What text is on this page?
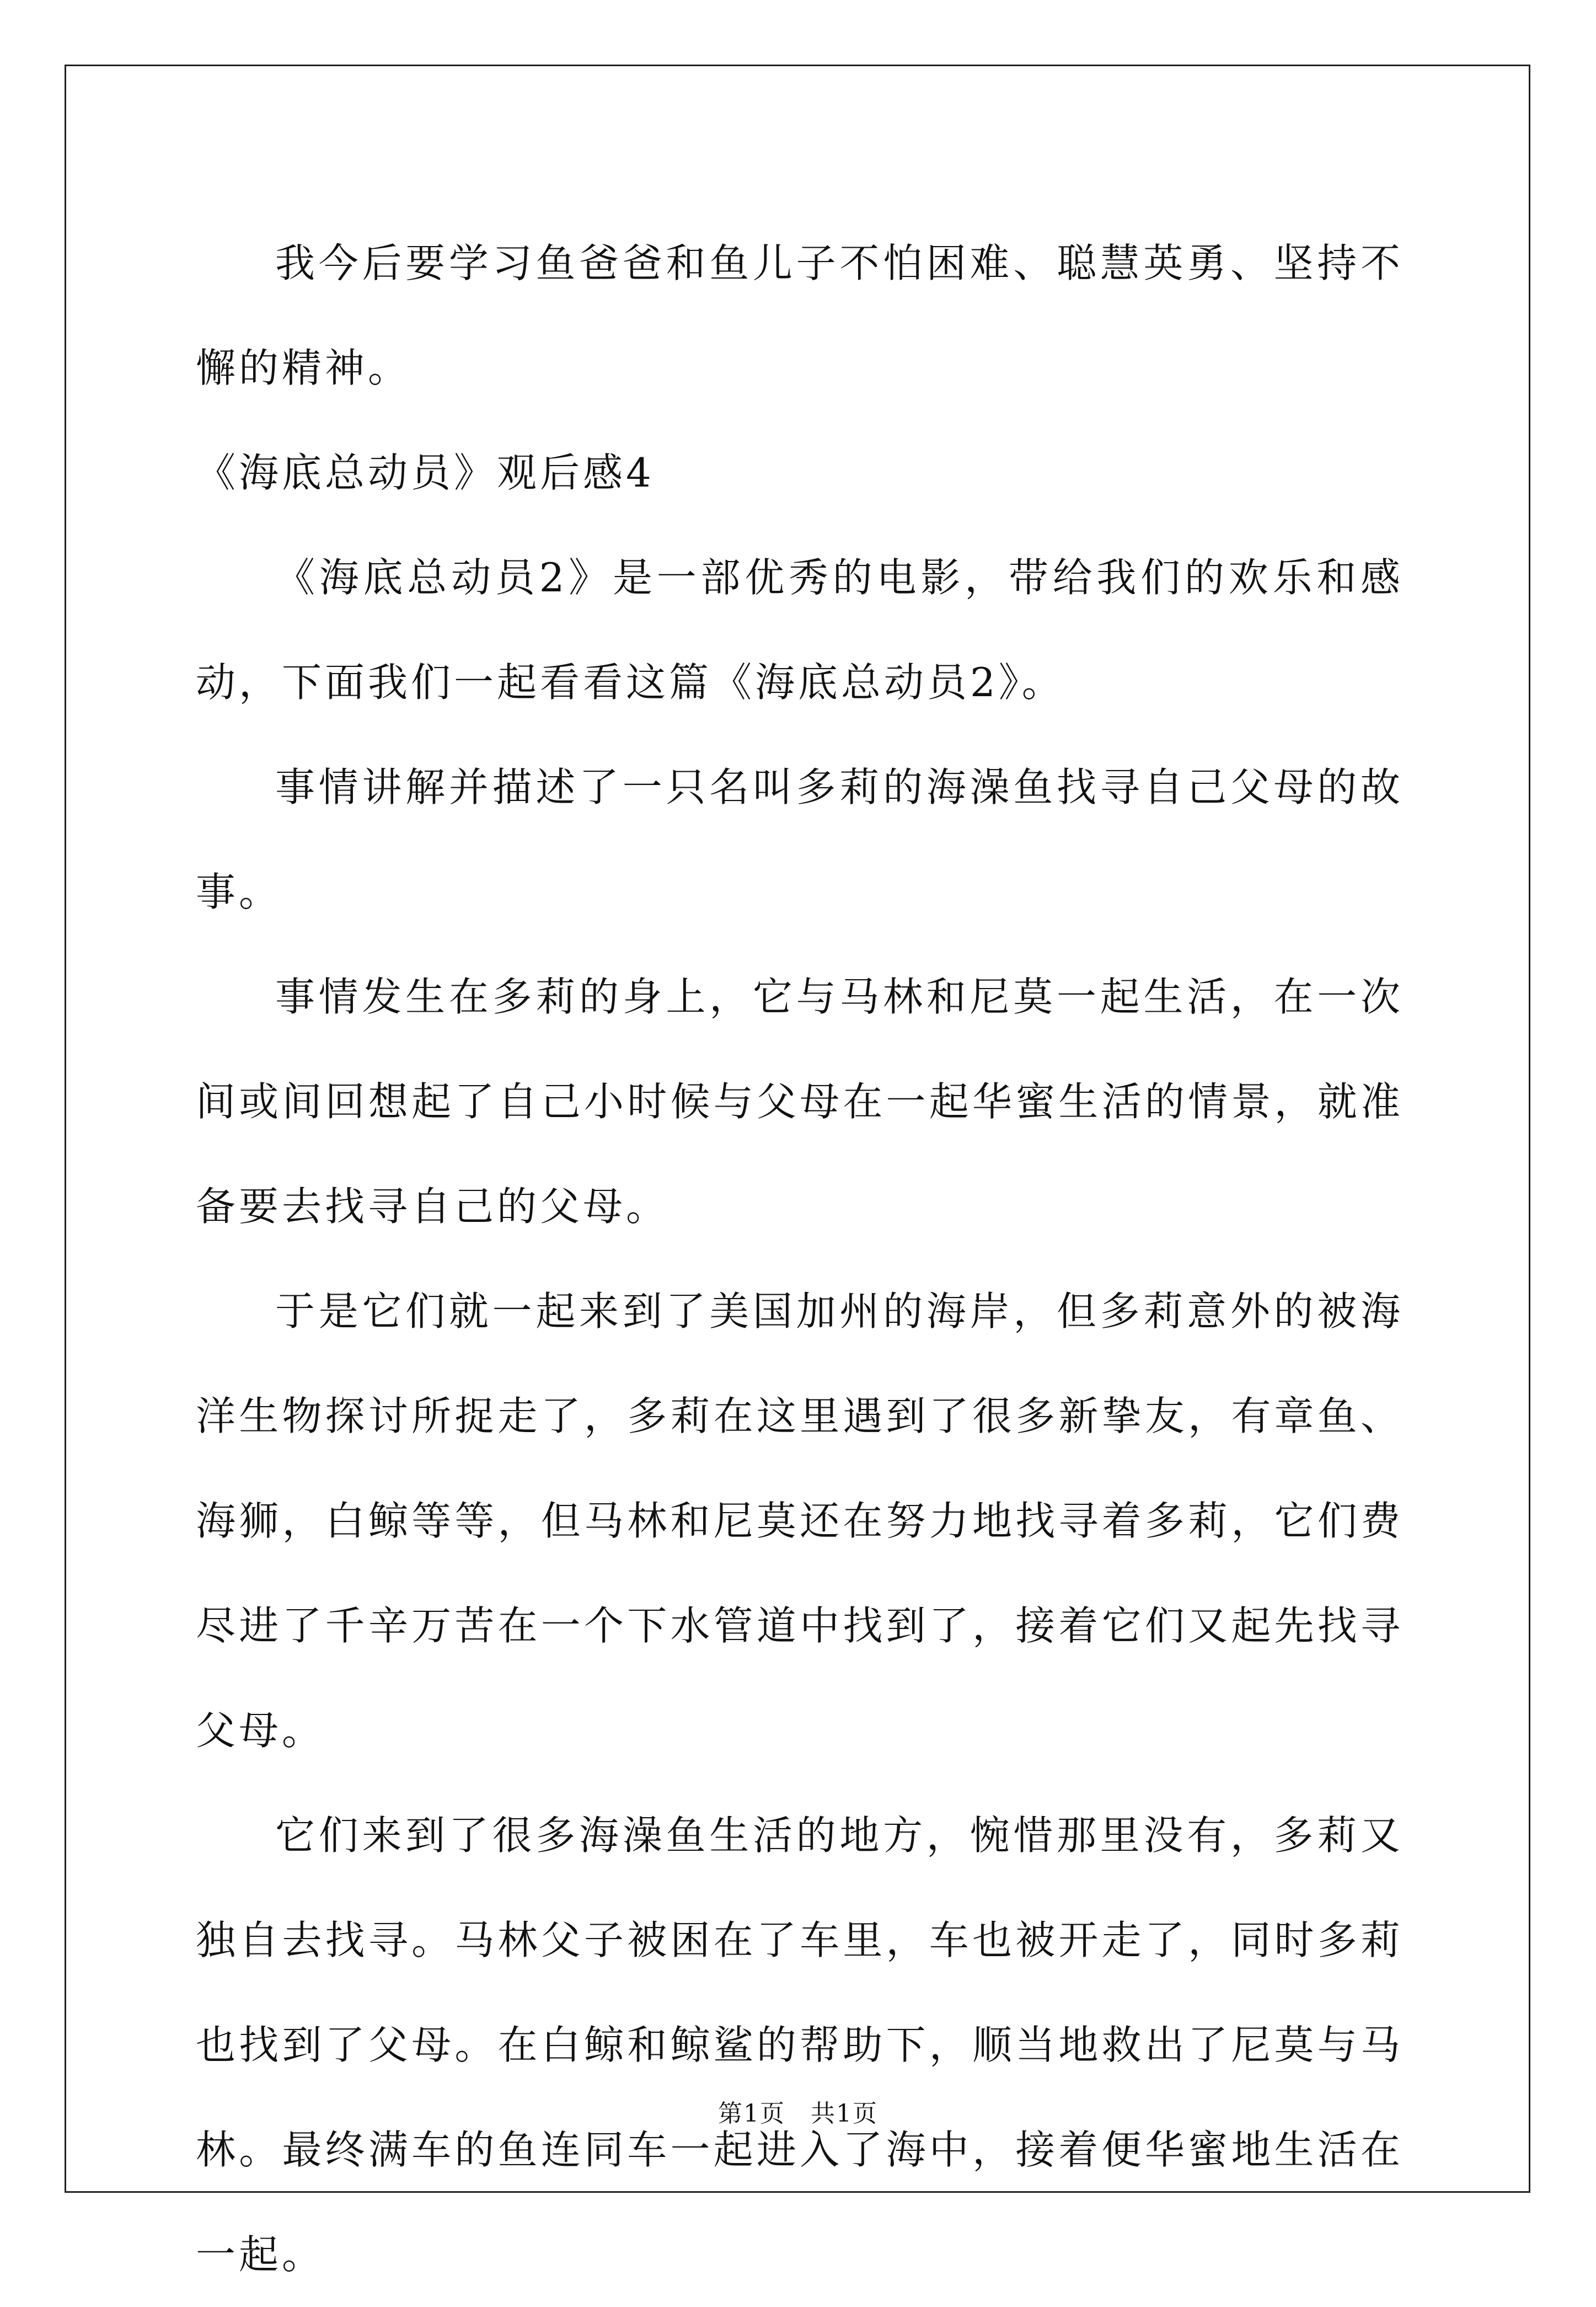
我今后要学习鱼爸爸和鱼儿子不怕困难、聪慧英勇、坚持不懈的精神。

《海底总动员》观后感4

《海底总动员2》是一部优秀的电影，带给我们的欢乐和感动，下面我们一起看看这篇《海底总动员2》。

事情讲解并描述了一只名叫多莉的海澡鱼找寻自己父母的故事。

事情发生在多莉的身上，它与马林和尼莫一起生活，在一次间或间回想起了自己小时候与父母在一起华蜜生活的情景，就准备要去找寻自己的父母。

于是它们就一起来到了美国加州的海岸，但多莉意外的被海洋生物探讨所捉走了，多莉在这里遇到了很多新挚友，有章鱼、海狮，白鲸等等，但马林和尼莫还在努力地找寻着多莉，它们费尽进了千辛万苦在一个下水管道中找到了，接着它们又起先找寻父母。

它们来到了很多海澡鱼生活的地方，惋惜那里没有，多莉又独自去找寻。马林父子被困在了车里，车也被开走了，同时多莉也找到了父母。在白鲸和鲸鲨的帮助下，顺当地救出了尼莫与马林。最终满车的鱼连同车一起进入了海中，接着便华蜜地生活在一起。

第1页　共1页
